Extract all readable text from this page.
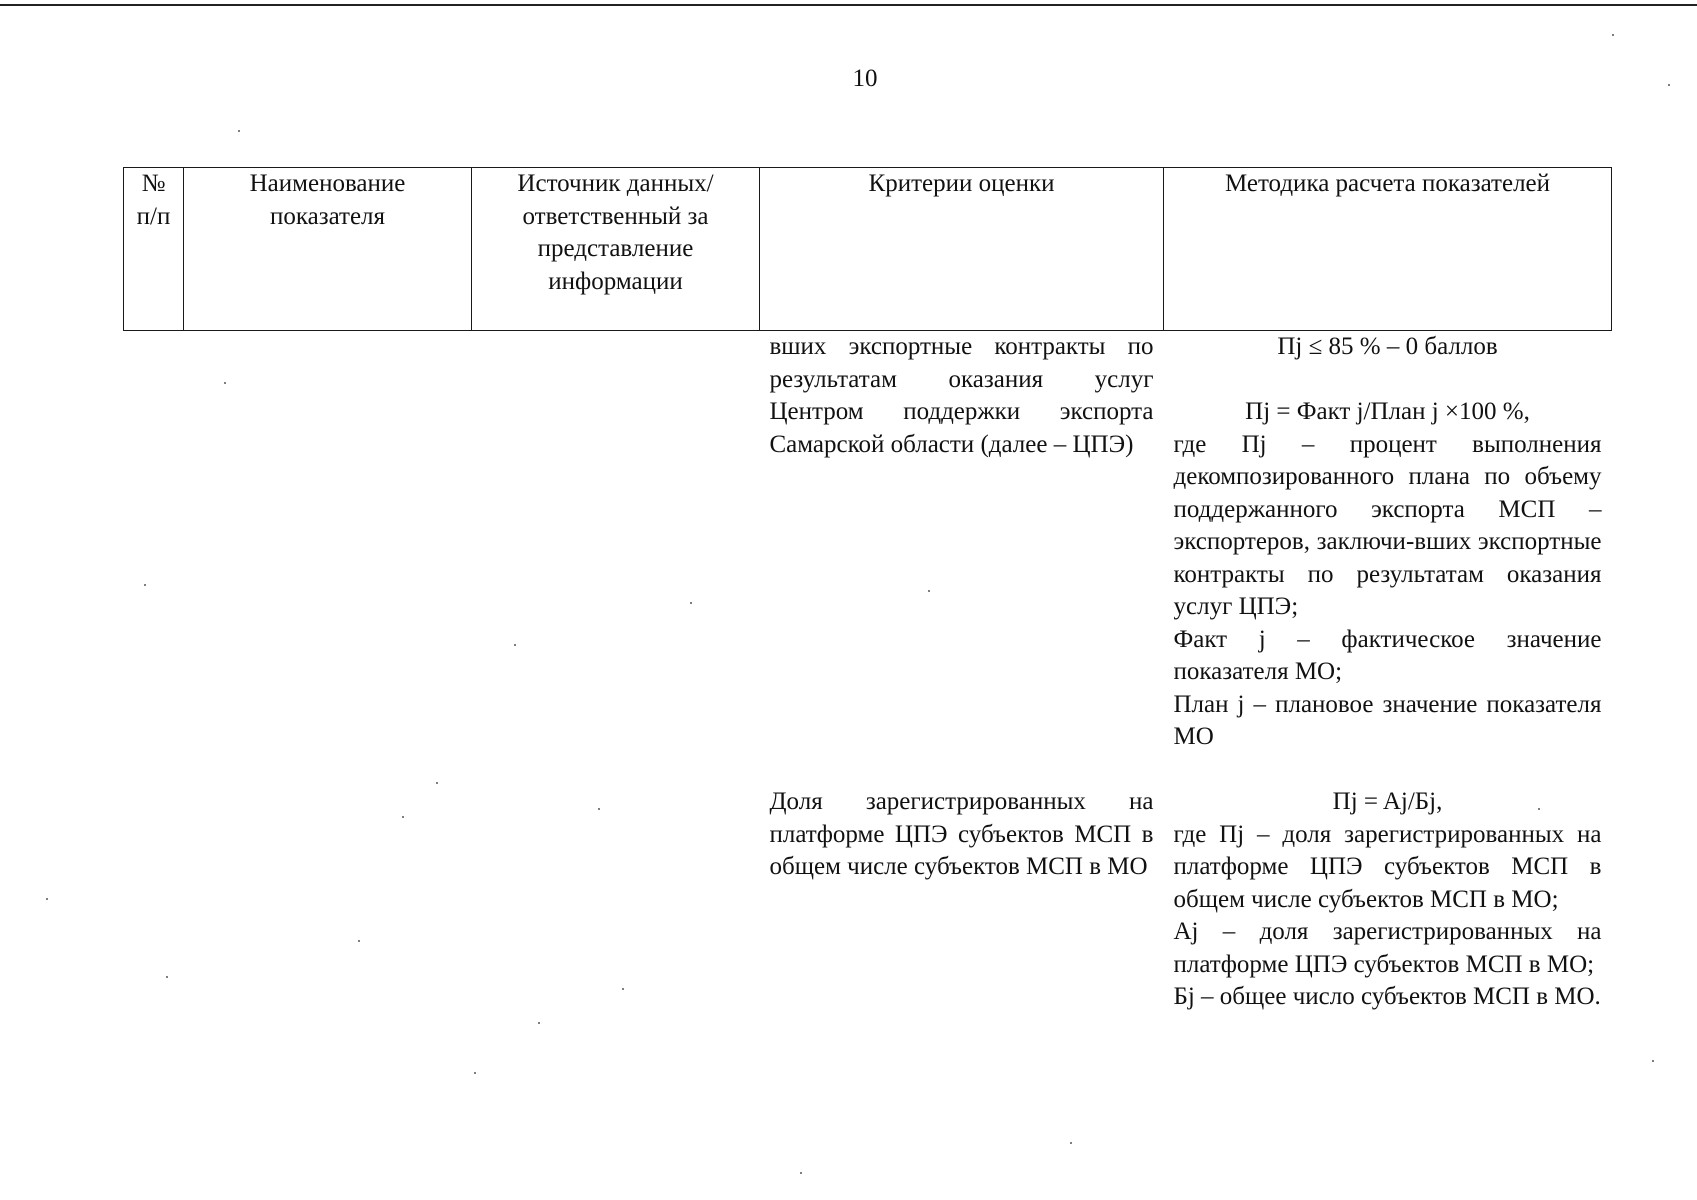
10
№ п/п	Наименование показателя	Источник данных/ ответственный за представление информации	Критерии оценки	Методика расчета показателей

			вших экспортные контракты по результатам оказания услуг Центром поддержки экспорта Самарской области (далее – ЦПЭ)	Пj ≤ 85 % – 0 баллов
Пj = Факт j/План j ×100 %,
где Пj – процент выполнения декомпозированного плана по объему поддержанного экспорта МСП – экспортеров, заключи-вших экспортные контракты по результатам оказания услуг ЦПЭ;
Факт j – фактическое значение показателя МО;
План j – плановое значение показателя МО

			Доля зарегистрированных на платформе ЦПЭ субъектов МСП в общем числе субъектов МСП в МО	Пj = Aj/Бj,
где Пj – доля зарегистрированных на платформе ЦПЭ субъектов МСП в общем числе субъектов МСП в МО;
Aj – доля зарегистрированных на платформе ЦПЭ субъектов МСП в МО;
Бj – общее число субъектов МСП в МО.
